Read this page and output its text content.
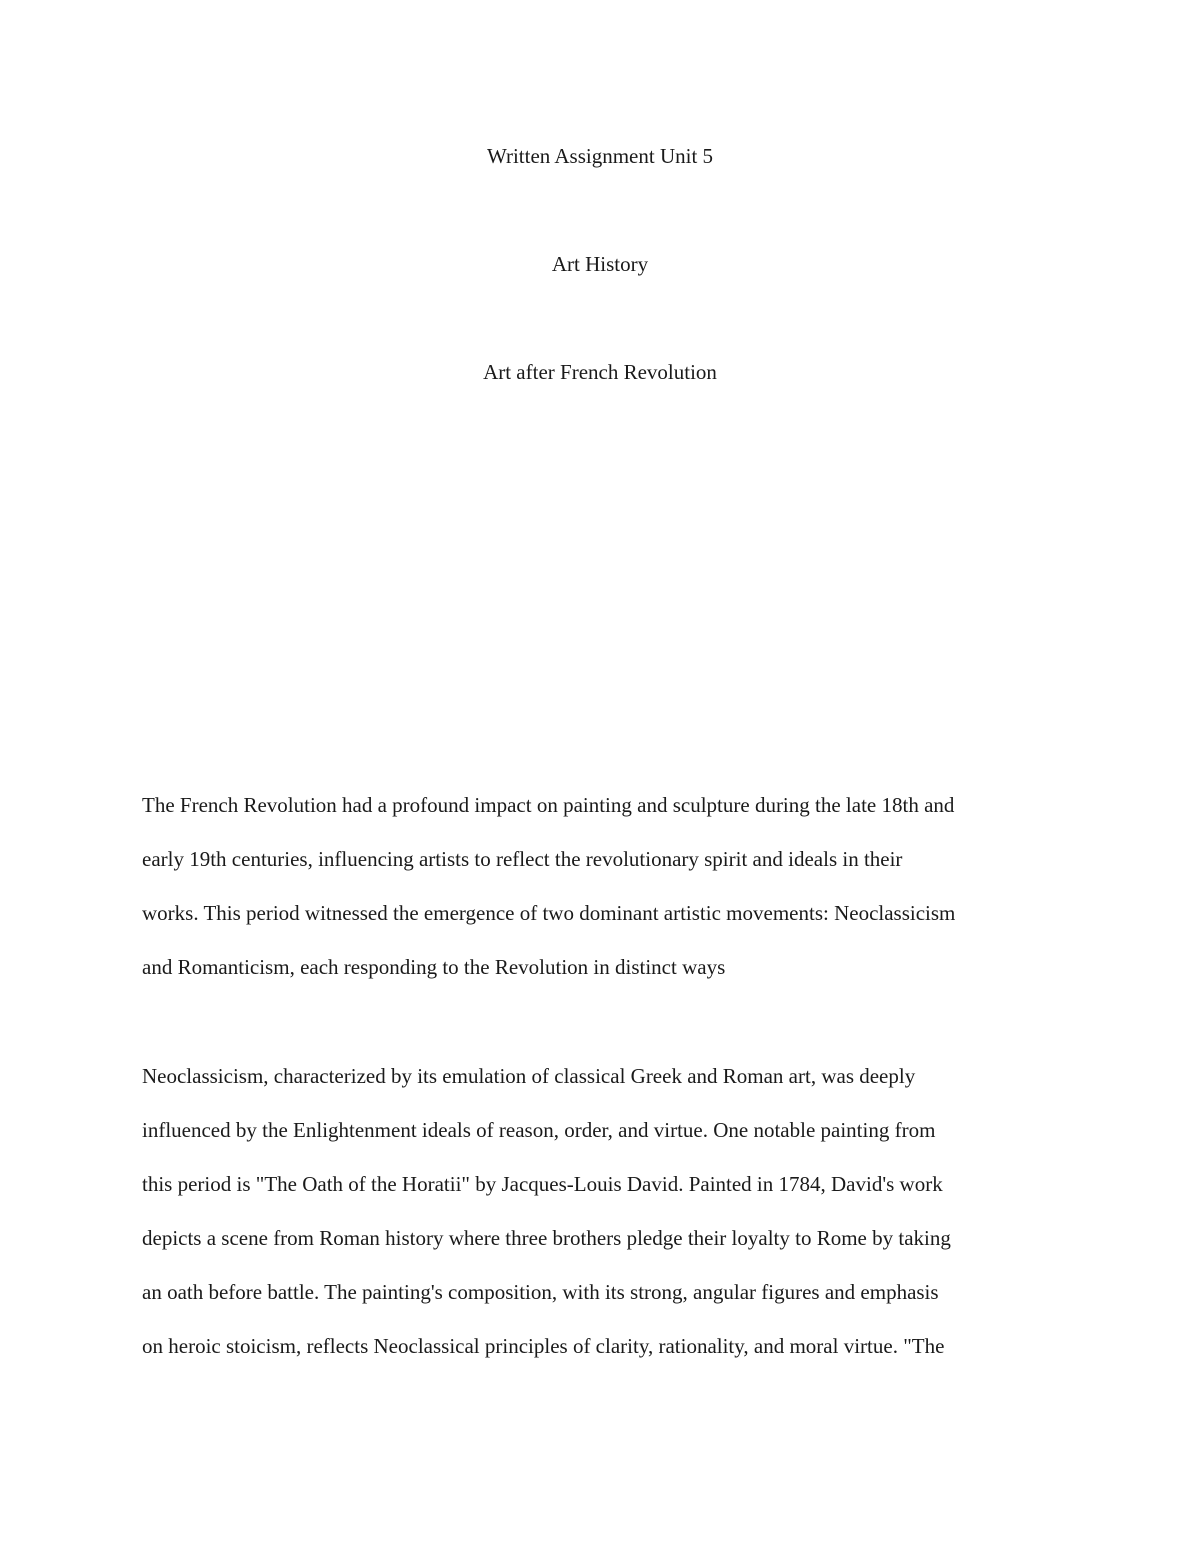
Written Assignment Unit 5
Art History
Art after French Revolution

The French Revolution had a profound impact on painting and sculpture during the late 18th and

early 19th centuries, influencing artists to reflect the revolutionary spirit and ideals in their

works. This period witnessed the emergence of two dominant artistic movements: Neoclassicism

and Romanticism, each responding to the Revolution in distinct ways

Neoclassicism, characterized by its emulation of classical Greek and Roman art, was deeply

influenced by the Enlightenment ideals of reason, order, and virtue. One notable painting from

this period is "The Oath of the Horatii" by Jacques-Louis David. Painted in 1784, David's work

depicts a scene from Roman history where three brothers pledge their loyalty to Rome by taking

an oath before battle. The painting's composition, with its strong, angular figures and emphasis

on heroic stoicism, reflects Neoclassical principles of clarity, rationality, and moral virtue. "The
